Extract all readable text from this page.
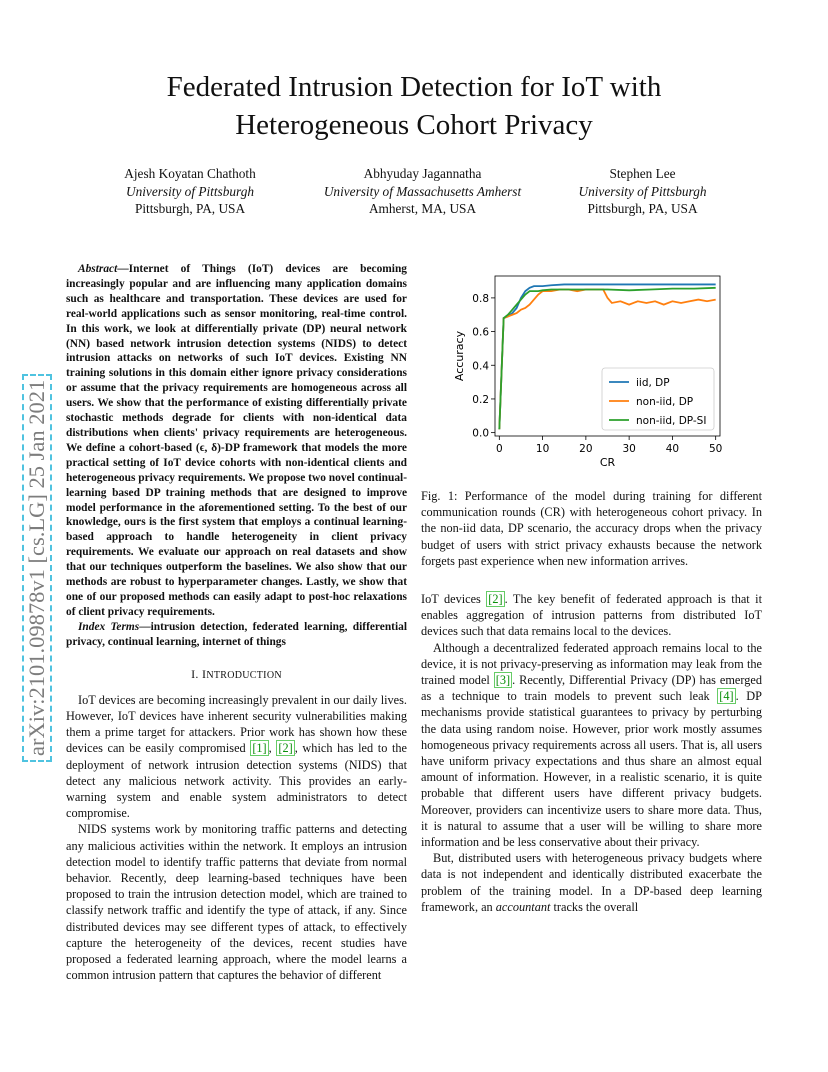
Federated Intrusion Detection for IoT with
Heterogeneous Cohort Privacy
Ajesh Koyatan Chathoth
University of Pittsburgh
Pittsburgh, PA, USA
Abhyuday Jagannatha
University of Massachusetts Amherst
Amherst, MA, USA
Stephen Lee
University of Pittsburgh
Pittsburgh, PA, USA
arXiv:2101.09878v1 [cs.LG] 25 Jan 2021

Abstract—Internet of Things (IoT) devices are becoming increasingly popular and are influencing many application domains such as healthcare and transportation. These devices are used for real-world applications such as sensor monitoring, real-time control. In this work, we look at differentially private (DP) neural network (NN) based network intrusion detection systems (NIDS) to detect intrusion attacks on networks of such IoT devices. Existing NN training solutions in this domain either ignore privacy considerations or assume that the privacy requirements are homogeneous across all users. We show that the performance of existing differentially private stochastic methods degrade for clients with non-identical data distributions when clients' privacy requirements are heterogeneous. We define a cohort-based (ϵ, δ)-DP framework that models the more practical setting of IoT device cohorts with non-identical clients and heterogeneous privacy requirements. We propose two novel continual-learning based DP training methods that are designed to improve model performance in the aforementioned setting. To the best of our knowledge, ours is the first system that employs a continual learning-based approach to handle heterogeneity in client privacy requirements. We evaluate our approach on real datasets and show that our techniques outperform the baselines. We also show that our methods are robust to hyperparameter changes. Lastly, we show that one of our proposed methods can easily adapt to post-hoc relaxations of client privacy requirements.

Index Terms—intrusion detection, federated learning, differential privacy, continual learning, internet of things

I. INTRODUCTION

IoT devices are becoming increasingly prevalent in our daily lives. However, IoT devices have inherent security vulnerabilities making them a prime target for attackers. Prior work has shown how these devices can be easily compromised [1] , [2] , which has led to the deployment of network intrusion detection systems (NIDS) that detect any malicious network activity. This provides an early-warning system and enable system administrators to detect compromise.

NIDS systems work by monitoring traffic patterns and detecting any malicious activities within the network. It employs an intrusion detection model to identify traffic patterns that deviate from normal behavior. Recently, deep learning-based techniques have been proposed to train the intrusion detection model, which are trained to classify network traffic and identify the type of attack, if any. Since distributed devices may see different types of attack, to effectively capture the heterogeneity of the devices, recent studies have proposed a federated learning approach, where the model learns a common intrusion pattern that captures the behavior of different

0	10	20	30	40	50
0.0
0.2
0.4
0.6
0.8
CR
Accuracy
iid, DP
non-iid, DP
non-iid, DP-SI

Fig. 1: Performance of the model during training for different communication rounds (CR) with heterogeneous cohort privacy. In the non-iid data, DP scenario, the accuracy drops when the privacy budget of users with strict privacy exhausts because the network forgets past experience when new information arrives.

IoT devices [2] . The key benefit of federated approach is that it enables aggregation of intrusion patterns from distributed IoT devices such that data remains local to the devices.

Although a decentralized federated approach remains local to the device, it is not privacy-preserving as information may leak from the trained model [3] . Recently, Differential Privacy (DP) has emerged as a technique to train models to prevent such leak [4] . DP mechanisms provide statistical guarantees to privacy by perturbing the data using random noise. However, prior work mostly assumes homogeneous privacy requirements across all users. That is, all users have uniform privacy expectations and thus share an almost equal amount of information. However, in a realistic scenario, it is quite probable that different users have different privacy budgets. Moreover, providers can incentivize users to share more data. Thus, it is natural to assume that a user will be willing to share more information and be less conservative about their privacy.

But, distributed users with heterogeneous privacy budgets where data is not independent and identically distributed exacerbate the problem of the training model. In a DP-based deep learning framework, an accountant tracks the overall
